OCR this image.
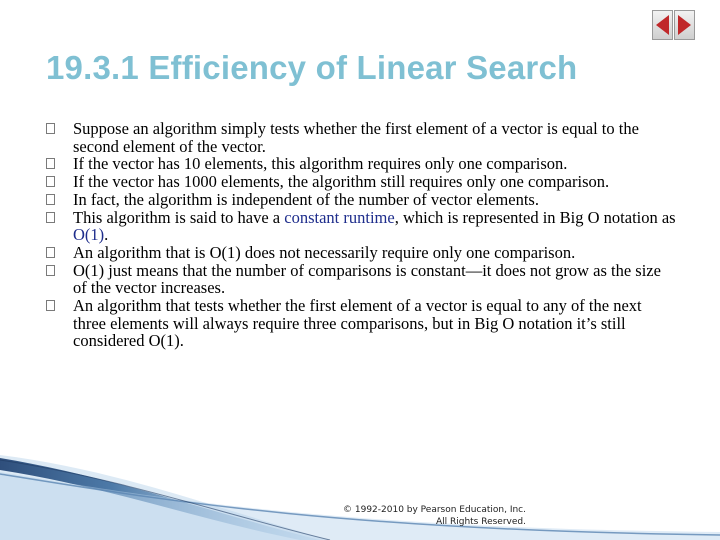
19.3.1 Efficiency of Linear Search
Suppose an algorithm simply tests whether the first element of a vector is equal to the second element of the vector.
If the vector has 10 elements, this algorithm requires only one comparison.
If the vector has 1000 elements, the algorithm still requires only one comparison.
In fact, the algorithm is independent of the number of vector elements.
This algorithm is said to have a constant runtime, which is represented in Big O notation as O(1).
An algorithm that is O(1) does not necessarily require only one comparison.
O(1) just means that the number of comparisons is constant—it does not grow as the size of the vector increases.
An algorithm that tests whether the first element of a vector is equal to any of the next three elements will always require three comparisons, but in Big O notation it’s still considered O(1).
© 1992-2010 by Pearson Education, Inc.
All Rights Reserved.
